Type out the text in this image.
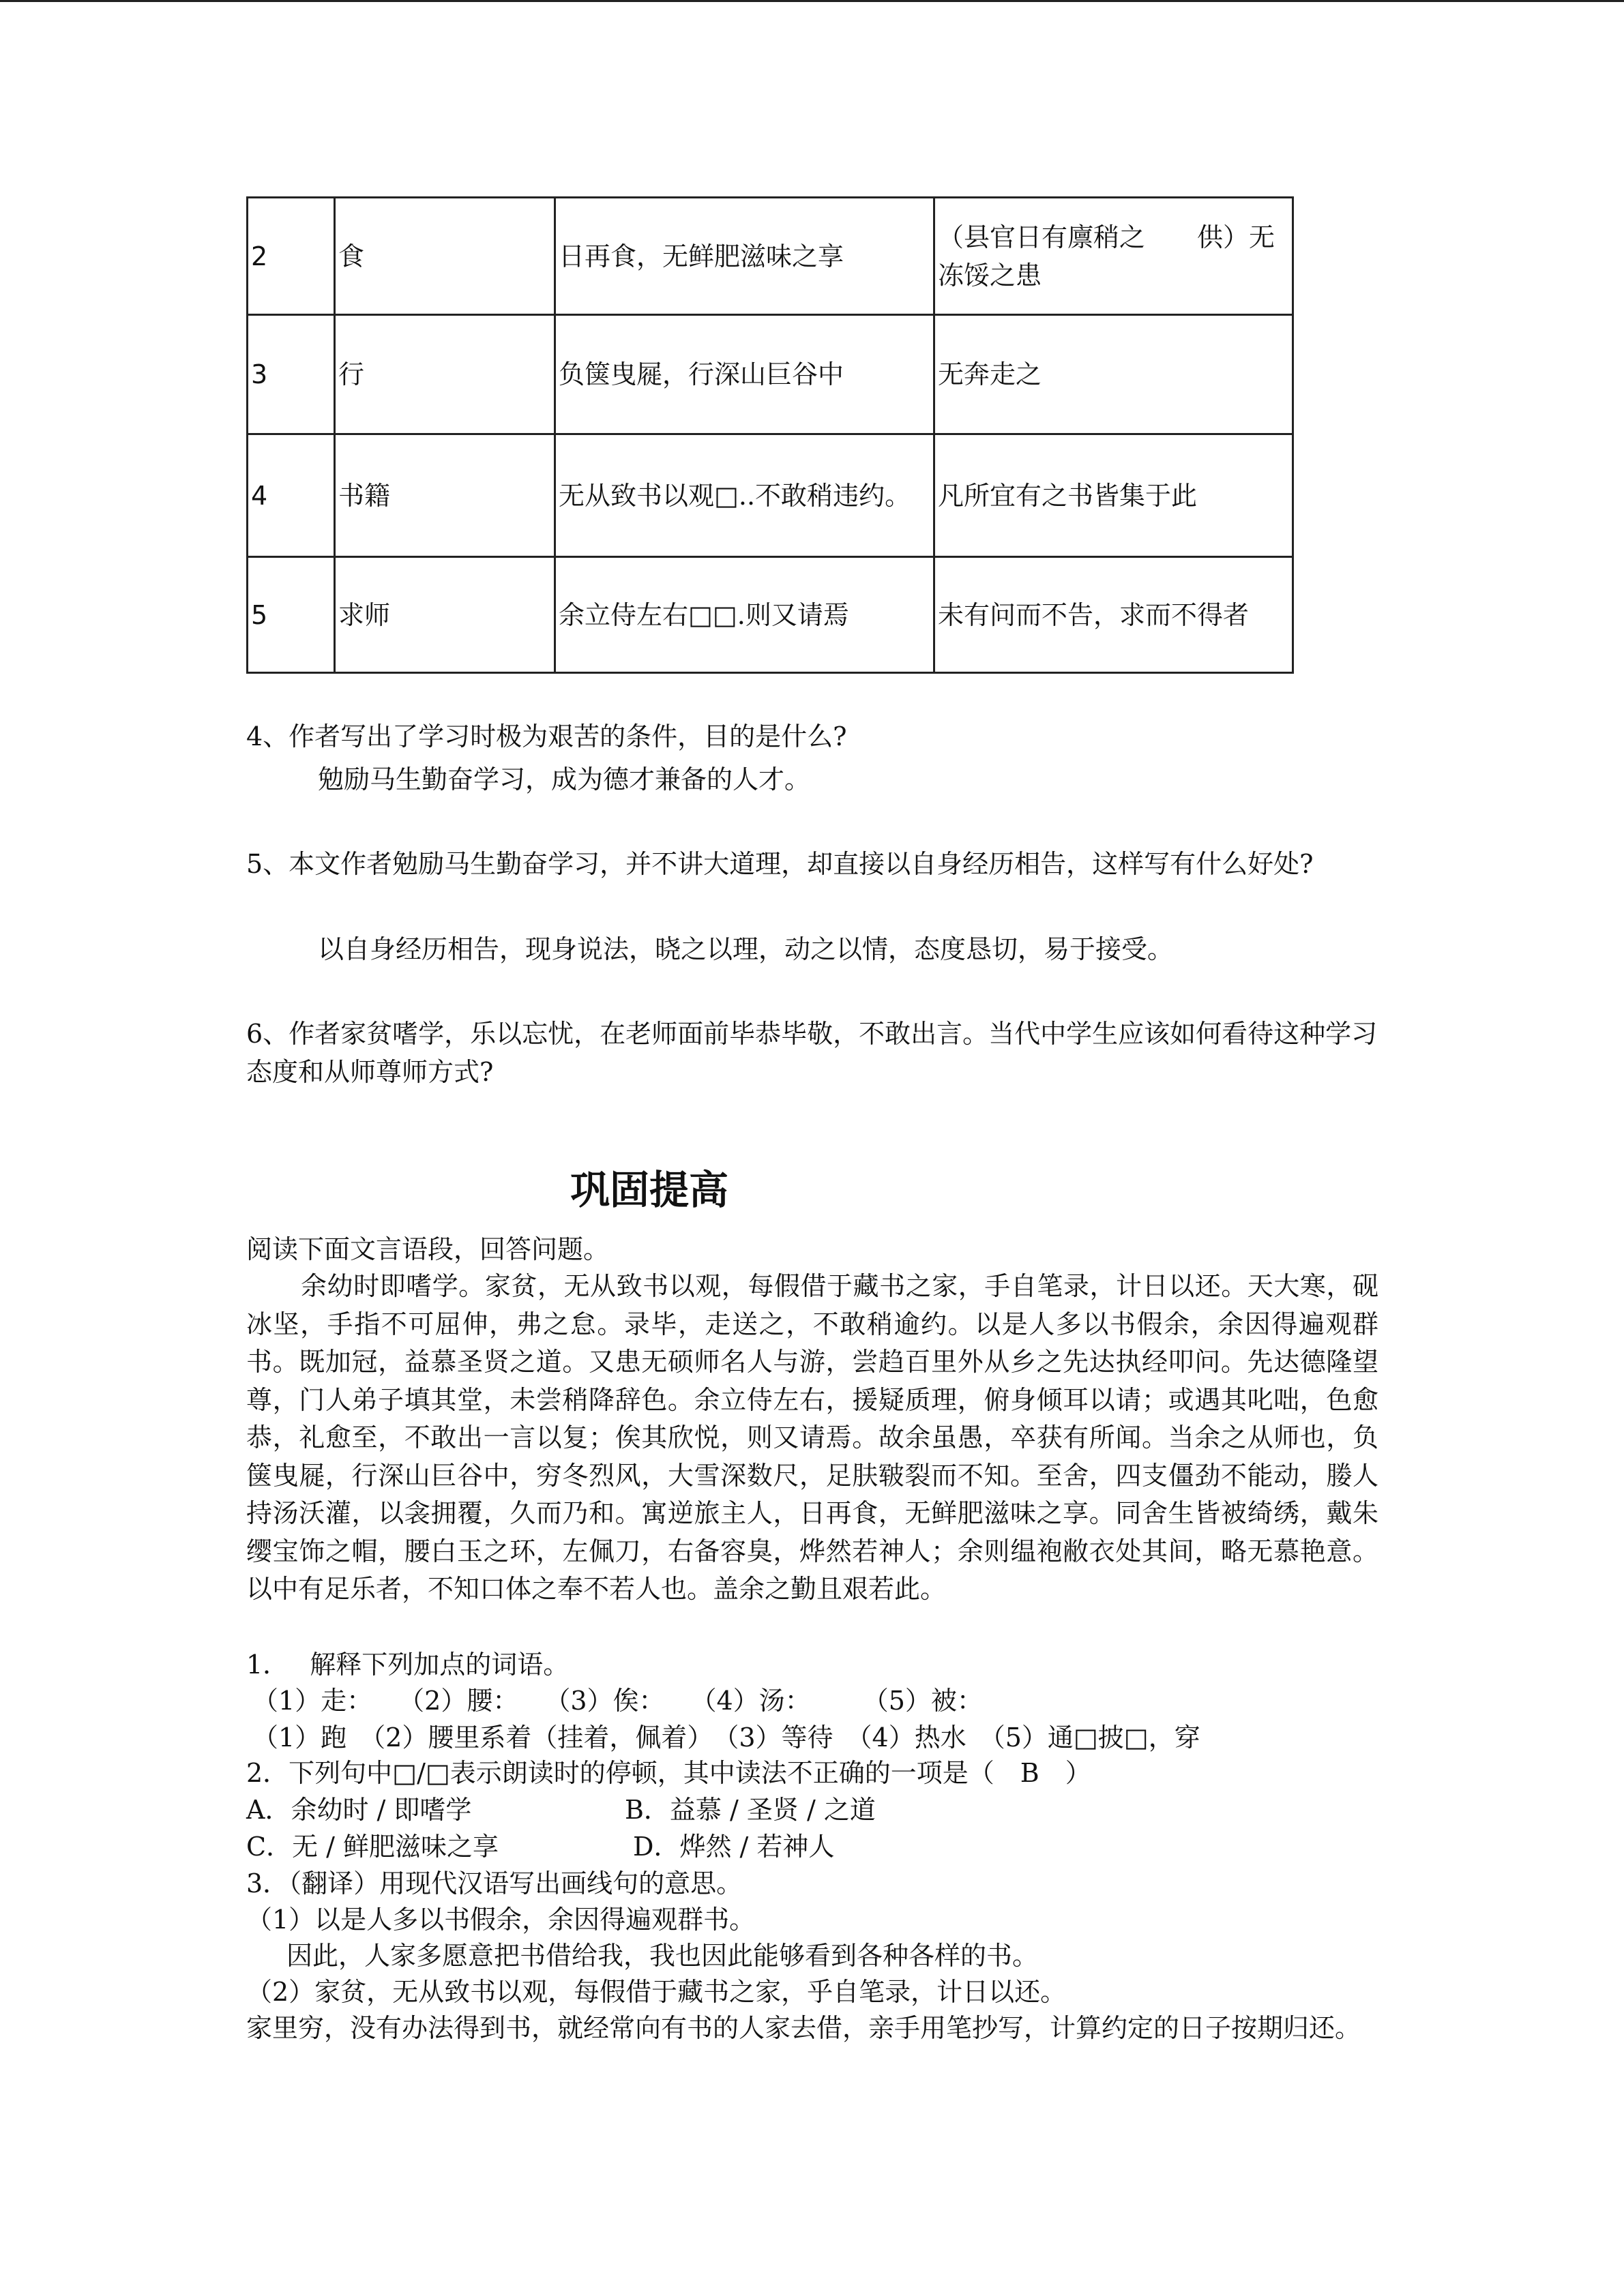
2	食	日再食，无鲜肥滋味之享	（县官日有廪稍之　　供）无冻馁之患
3	行	负箧曳屣，行深山巨谷中	无奔走之
4	书籍	无从致书以观□..不敢稍违约。	凡所宜有之书皆集于此
5	求师	余立侍左右□□.则又请焉	未有问而不告，求而不得者
4、作者写出了学习时极为艰苦的条件，目的是什么?
勉励马生勤奋学习，成为德才兼备的人才。
5、本文作者勉励马生勤奋学习，并不讲大道理，却直接以自身经历相告，这样写有什么好处?
以自身经历相告，现身说法，晓之以理，动之以情，态度恳切，易于接受。
6、作者家贫嗜学，乐以忘忧，在老师面前毕恭毕敬，不敢出言。当代中学生应该如何看待这种学习态度和从师尊师方式?
巩固提高
阅读下面文言语段，回答问题。
余幼时即嗜学。家贫，无从致书以观，每假借于藏书之家，手自笔录，计日以还。天大寒，砚冰坚，手指不可屈伸，弗之怠。录毕，走送之，不敢稍逾约。以是人多以书假余，余因得遍观群书。既加冠，益慕圣贤之道。又患无硕师名人与游，尝趋百里外从乡之先达执经叩问。先达德隆望尊，门人弟子填其堂，未尝稍降辞色。余立侍左右，援疑质理，俯身倾耳以请；或遇其叱咄，色愈恭，礼愈至，不敢出一言以复；俟其欣悦，则又请焉。故余虽愚，卒获有所闻。当余之从师也，负箧曳屣，行深山巨谷中，穷冬烈风，大雪深数尺，足肤皲裂而不知。至舍，四支僵劲不能动，媵人持汤沃灌，以衾拥覆，久而乃和。寓逆旅主人，日再食，无鲜肥滋味之享。同舍生皆被绮绣，戴朱缨宝饰之帽，腰白玉之环，左佩刀，右备容臭，烨然若神人；余则缊袍敝衣处其间，略无慕艳意。以中有足乐者，不知口体之奉不若人也。盖余之勤且艰若此。
1．　 解释下列加点的词语。
（1）走：　　（2）腰：　　（3）俟：　　（4）汤：　　　（5）被：
（1）跑　（2）腰里系着（挂着，佩着）　（3）等待　（4）热水　（5）通□披□，穿
2．下列句中□/□表示朗读时的停顿，其中读法不正确的一项是（　B　）
A．余幼时 / 即嗜学	B．益慕 / 圣贤 / 之道
C．无 / 鲜肥滋味之享	D．烨然 / 若神人
3．（翻译）用现代汉语写出画线句的意思。
（1）以是人多以书假余，余因得遍观群书。
因此，人家多愿意把书借给我，我也因此能够看到各种各样的书。
（2）家贫，无从致书以观，每假借于藏书之家，乎自笔录，计日以还。
家里穷，没有办法得到书，就经常向有书的人家去借，亲手用笔抄写，计算约定的日子按期归还。
